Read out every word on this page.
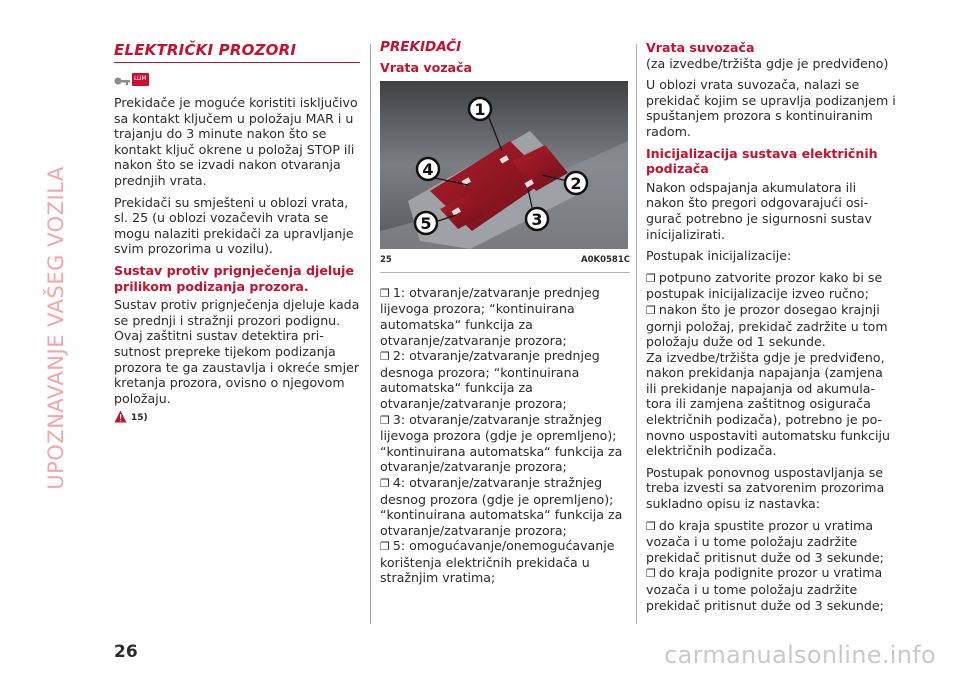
UPOZNAVANJE VAŠEG VOZILA
ELEKTRIČKI PROZORI
LUM

Prekidače je moguće koristiti isključivo sa kontakt ključem u položaju MAR i u trajanju do 3 minute nakon što se kontakt ključ okrene u položaj STOP ili nakon što se izvadi nakon otvaranja prednjih vrata.

Prekidači su smješteni u oblozi vrata, sl. 25 (u oblozi vozačevih vrata se mogu nalaziti prekidači za upravljanje svim prozorima u vozilu).

Sustav protiv prignječenja djeluje prilikom podizanja prozora.

Sustav protiv prignječenja djeluje kada se prednji i stražnji prozori podignu. Ovaj zaštitni sustav detektira pri-sutnost prepreke tijekom podizanja prozora te ga zaustavlja i okreće smjer kretanja prozora, ovisno o njegovom položaju.

15)
PREKIDAČI
Vrata vozača
1
2
3
4
5
25	A0K0581C
❐ 1: otvaranje/zatvaranje prednjeg lijevoga prozora; “kontinuirana automatska“ funkcija za otvaranje/zatvaranje prozora;
❐ 2: otvaranje/zatvaranje prednjeg desnoga prozora; “kontinuirana automatska“ funkcija za otvaranje/zatvaranje prozora;
❐ 3: otvaranje/zatvaranje stražnjeg lijevoga prozora (gdje je opremljeno); “kontinuirana automatska“ funkcija za otvaranje/zatvaranje prozora;
❐ 4: otvaranje/zatvaranje stražnjeg desnog prozora (gdje je opremljeno); “kontinuirana automatska“ funkcija za otvaranje/zatvaranje prozora;
❐ 5: omogućavanje/onemogućavanje korištenja električnih prekidača u stražnjim vratima;
Vrata suvozača

(za izvedbe/tržišta gdje je predviđeno)

U oblozi vrata suvozača, nalazi se prekidač kojim se upravlja podizanjem i spuštanjem prozora s kontinuiranim radom.

Inicijalizacija sustava električnih podizača

Nakon odspajanja akumulatora ili nakon što pregori odgovarajući osi-gurač potrebno je sigurnosni sustav inicijalizirati.

Postupak inicijalizacije:

❐ potpuno zatvorite prozor kako bi se postupak inicijalizacije izveo ručno;
❐ nakon što je prozor dosegao krajnji gornji položaj, prekidač zadržite u tom položaju duže od 1 sekunde.

Za izvedbe/tržišta gdje je predviđeno, nakon prekidanja napajanja (zamjena ili prekidanje napajanja od akumula-tora ili zamjena zaštitnog osigurača električnih podizača), potrebno je po-novno uspostaviti automatsku funkciju električnih podizača.

Postupak ponovnog uspostavljanja se treba izvesti sa zatvorenim prozorima sukladno opisu iz nastavka:

❐ do kraja spustite prozor u vratima vozača i u tome položaju zadržite prekidač pritisnut duže od 3 sekunde;
❐ do kraja podignite prozor u vratima vozača i u tome položaju zadržite prekidač pritisnut duže od 3 sekunde;
26	carmanualsonline.info
